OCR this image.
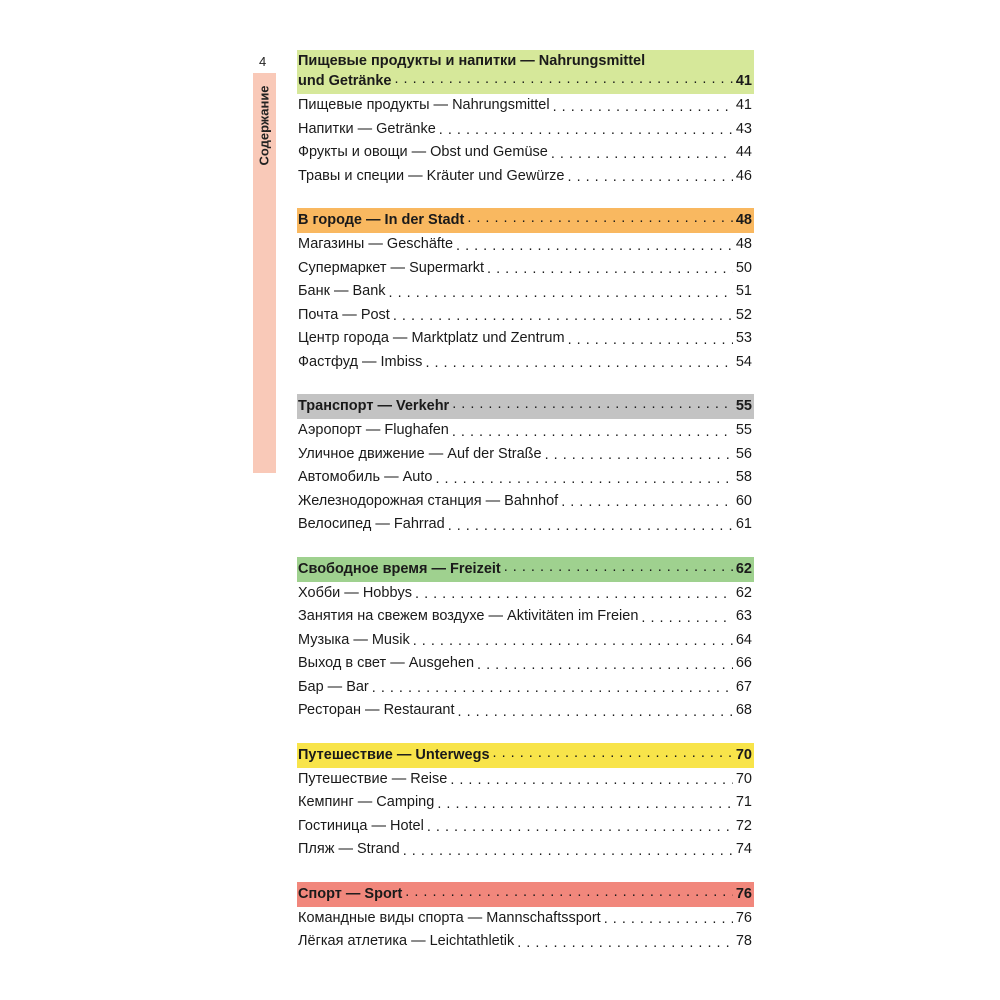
4
Содержание
Пищевые продукты и напитки — Nahrungsmittel
und Getränke . . .	41
Пищевые продукты — Nahrungsmittel . . .	41
Напитки — Getränke . . .	43
Фрукты и овощи — Obst und Gemüse . . .	44
Травы и специи — Kräuter und Gewürze . . .	46
В городе — In der Stadt . . .	48
Магазины — Geschäfte . . .	48
Супермаркет — Supermarkt . . .	50
Банк — Bank . . .	51
Почта — Post . . .	52
Центр города — Marktplatz und Zentrum . . .	53
Фастфуд — Imbiss . . .	54
Транспорт — Verkehr . . .	55
Аэропорт — Flughafen . . .	55
Уличное движение — Auf der Straße . . .	56
Автомобиль — Auto . . .	58
Железнодорожная станция — Bahnhof . . .	60
Велосипед — Fahrrad . . .	61
Свободное время — Freizeit . . .	62
Хобби — Hobbys . . .	62
Занятия на свежем воздухе — Aktivitäten im Freien . . .	63
Музыка — Musik . . .	64
Выход в свет — Ausgehen . . .	66
Бар — Bar . . .	67
Ресторан — Restaurant . . .	68
Путешествие — Unterwegs . . .	70
Путешествие — Reise . . .	70
Кемпинг — Camping . . .	71
Гостиница — Hotel . . .	72
Пляж — Strand . . .	74
Спорт — Sport . . .	76
Командные виды спорта — Mannschaftssport . . .	76
Лёгкая атлетика — Leichtathletik . . .	78
